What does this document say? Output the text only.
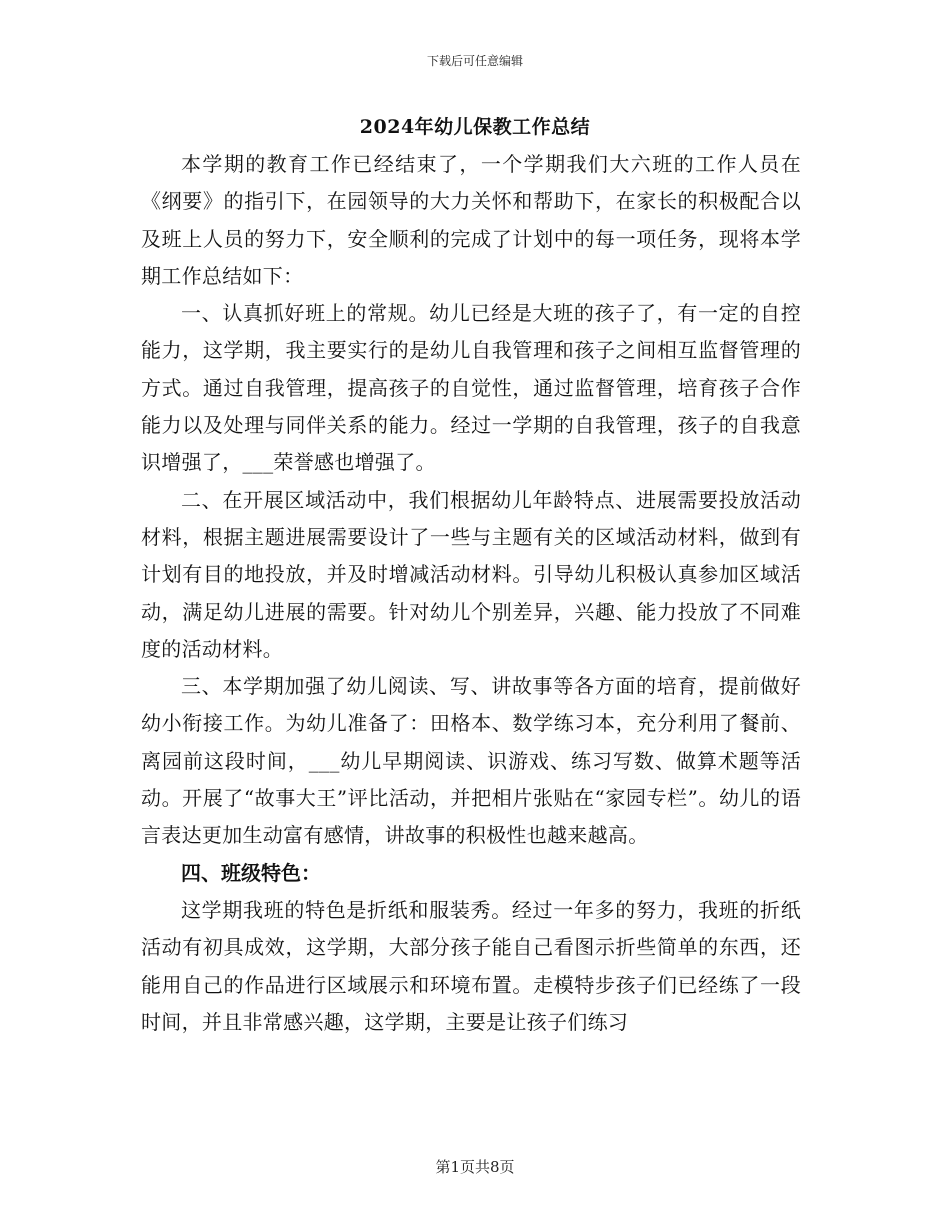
下载后可任意编辑
2024年幼儿保教工作总结

本学期的教育工作已经结束了，一个学期我们大六班的工作人员在《纲要》的指引下，在园领导的大力关怀和帮助下，在家长的积极配合以及班上人员的努力下，安全顺利的完成了计划中的每一项任务，现将本学期工作总结如下：

一、认真抓好班上的常规。幼儿已经是大班的孩子了，有一定的自控能力，这学期，我主要实行的是幼儿自我管理和孩子之间相互监督管理的方式。通过自我管理，提高孩子的自觉性，通过监督管理，培育孩子合作能力以及处理与同伴关系的能力。经过一学期的自我管理，孩子的自我意识增强了，___荣誉感也增强了。

二、在开展区域活动中，我们根据幼儿年龄特点、进展需要投放活动材料，根据主题进展需要设计了一些与主题有关的区域活动材料，做到有计划有目的地投放，并及时增减活动材料。引导幼儿积极认真参加区域活动，满足幼儿进展的需要。针对幼儿个别差异，兴趣、能力投放了不同难度的活动材料。

三、本学期加强了幼儿阅读、写、讲故事等各方面的培育，提前做好幼小衔接工作。为幼儿准备了：田格本、数学练习本，充分利用了餐前、离园前这段时间，___幼儿早期阅读、识游戏、练习写数、做算术题等活动。开展了“故事大王”评比活动，并把相片张贴在“家园专栏”。幼儿的语言表达更加生动富有感情，讲故事的积极性也越来越高。

四、班级特色：

这学期我班的特色是折纸和服装秀。经过一年多的努力，我班的折纸活动有初具成效，这学期，大部分孩子能自己看图示折些简单的东西，还能用自己的作品进行区域展示和环境布置。走模特步孩子们已经练了一段时间，并且非常感兴趣，这学期，主要是让孩子们练习

第1页共8页
